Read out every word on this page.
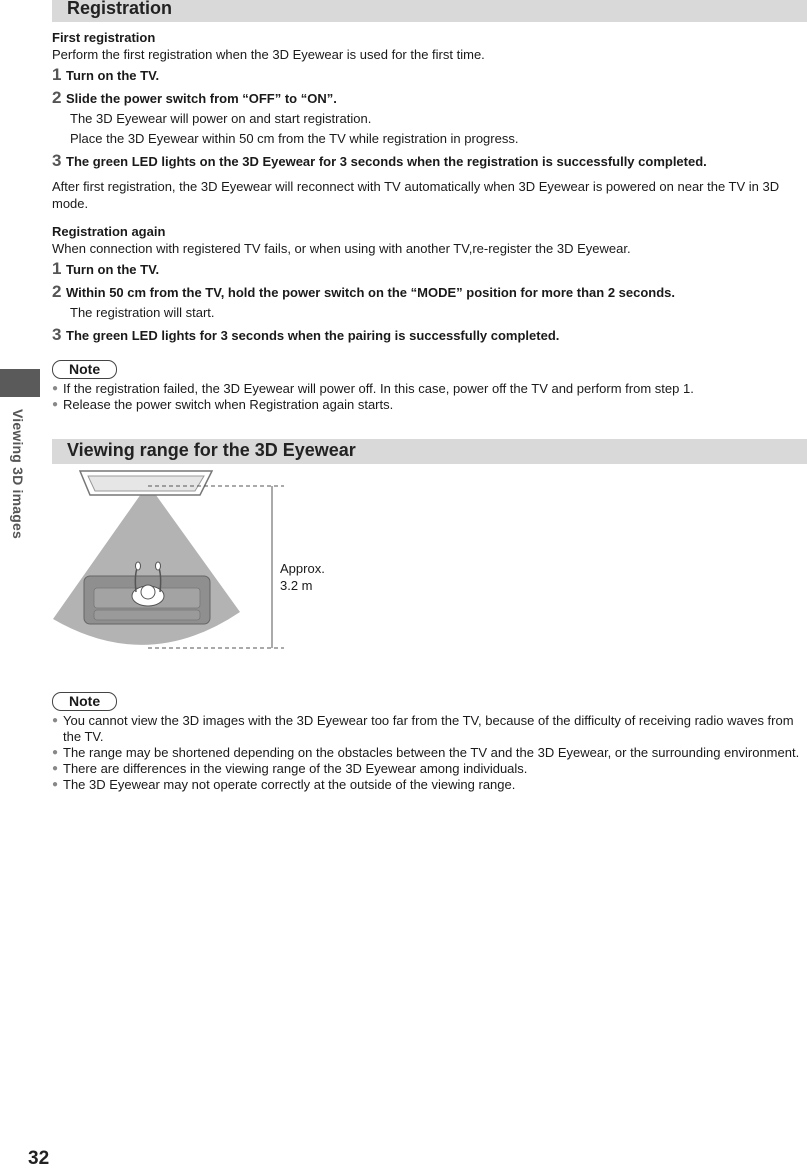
Viewing 3D images
Registration

First registration

Perform the first registration when the 3D Eyewear is used for the first time.

1 Turn on the TV.
2 Slide the power switch from “OFF” to “ON”.
The 3D Eyewear will power on and start registration.
Place the 3D Eyewear within 50 cm from the TV while registration in progress.
3 The green LED lights on the 3D Eyewear for 3 seconds when the registration is successfully completed.

After first registration, the 3D Eyewear will reconnect with TV automatically when 3D Eyewear is powered on near the TV in 3D mode.

Registration again

When connection with registered TV fails, or when using with another TV,re-register the 3D Eyewear.

1 Turn on the TV.
2 Within 50 cm from the TV, hold the power switch on the “MODE” position for more than 2 seconds.
The registration will start.
3 The green LED lights for 3 seconds when the pairing is successfully completed.
Note
● If the registration failed, the 3D Eyewear will power off. In this case, power off the TV and perform from step 1.
● Release the power switch when Registration again starts.
Viewing range for the 3D Eyewear
Approx.
3.2 m
Note
● You cannot view the 3D images with the 3D Eyewear too far from the TV, because of the difficulty of receiving radio waves from the TV.
● The range may be shortened depending on the obstacles between the TV and the 3D Eyewear, or the surrounding environment.
● There are differences in the viewing range of the 3D Eyewear among individuals.
● The 3D Eyewear may not operate correctly at the outside of the viewing range.
32
